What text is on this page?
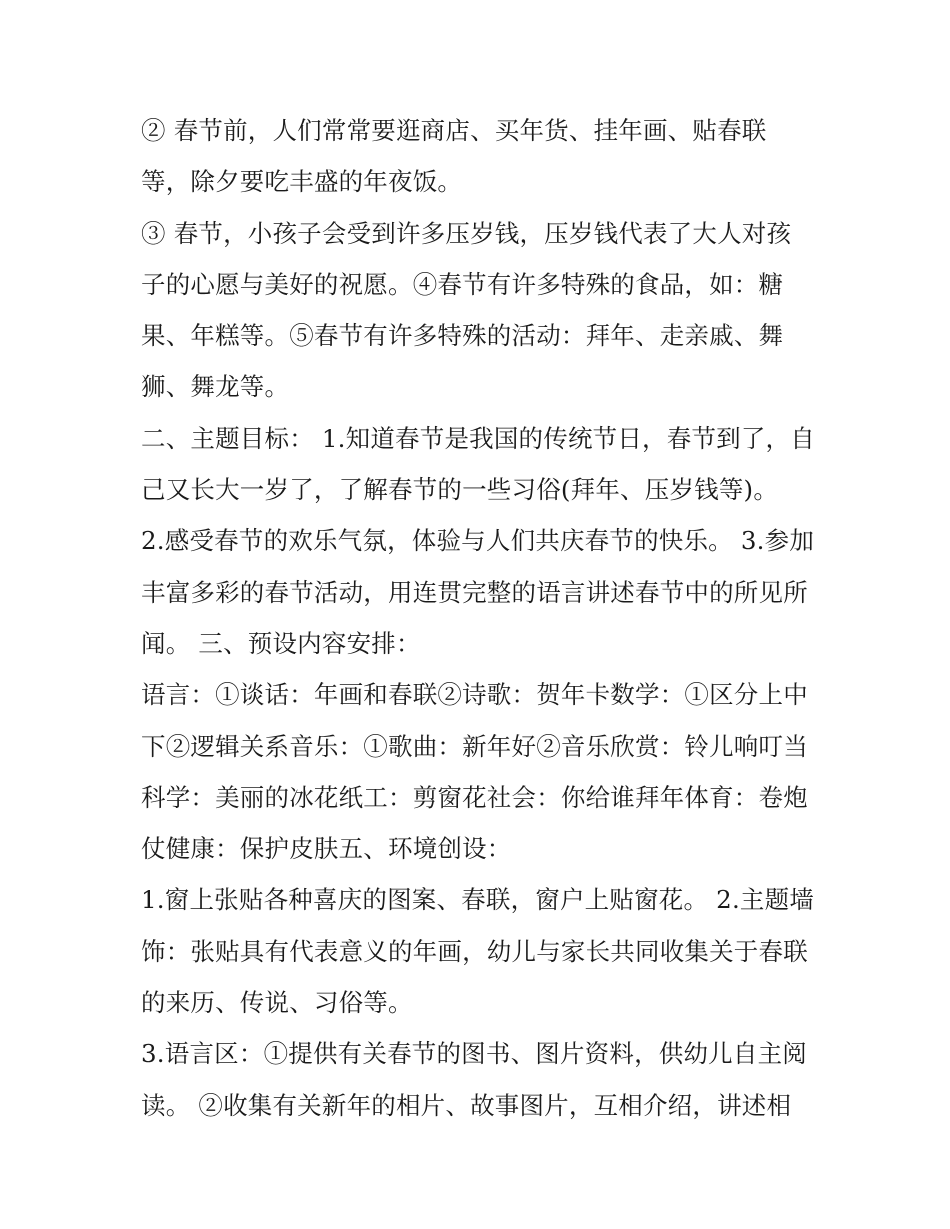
② 春节前，人们常常要逛商店、买年货、挂年画、贴春联
等，除夕要吃丰盛的年夜饭。
③ 春节，小孩子会受到许多压岁钱，压岁钱代表了大人对孩
子的心愿与美好的祝愿。④春节有许多特殊的食品，如：糖
果、年糕等。⑤春节有许多特殊的活动：拜年、走亲戚、舞
狮、舞龙等。
二、主题目标： 1.知道春节是我国的传统节日，春节到了，自
己又长大一岁了，了解春节的一些习俗(拜年、压岁钱等)。
2.感受春节的欢乐气氛，体验与人们共庆春节的快乐。 3.参加
丰富多彩的春节活动，用连贯完整的语言讲述春节中的所见所
闻。 三、预设内容安排：
语言：①谈话：年画和春联②诗歌：贺年卡数学：①区分上中
下②逻辑关系音乐：①歌曲：新年好②音乐欣赏：铃儿响叮当
科学：美丽的冰花纸工：剪窗花社会：你给谁拜年体育：卷炮
仗健康：保护皮肤五、环境创设：
1.窗上张贴各种喜庆的图案、春联，窗户上贴窗花。 2.主题墙
饰：张贴具有代表意义的年画，幼儿与家长共同收集关于春联
的来历、传说、习俗等。
3.语言区：①提供有关春节的图书、图片资料，供幼儿自主阅
读。 ②收集有关新年的相片、故事图片，互相介绍，讲述相
